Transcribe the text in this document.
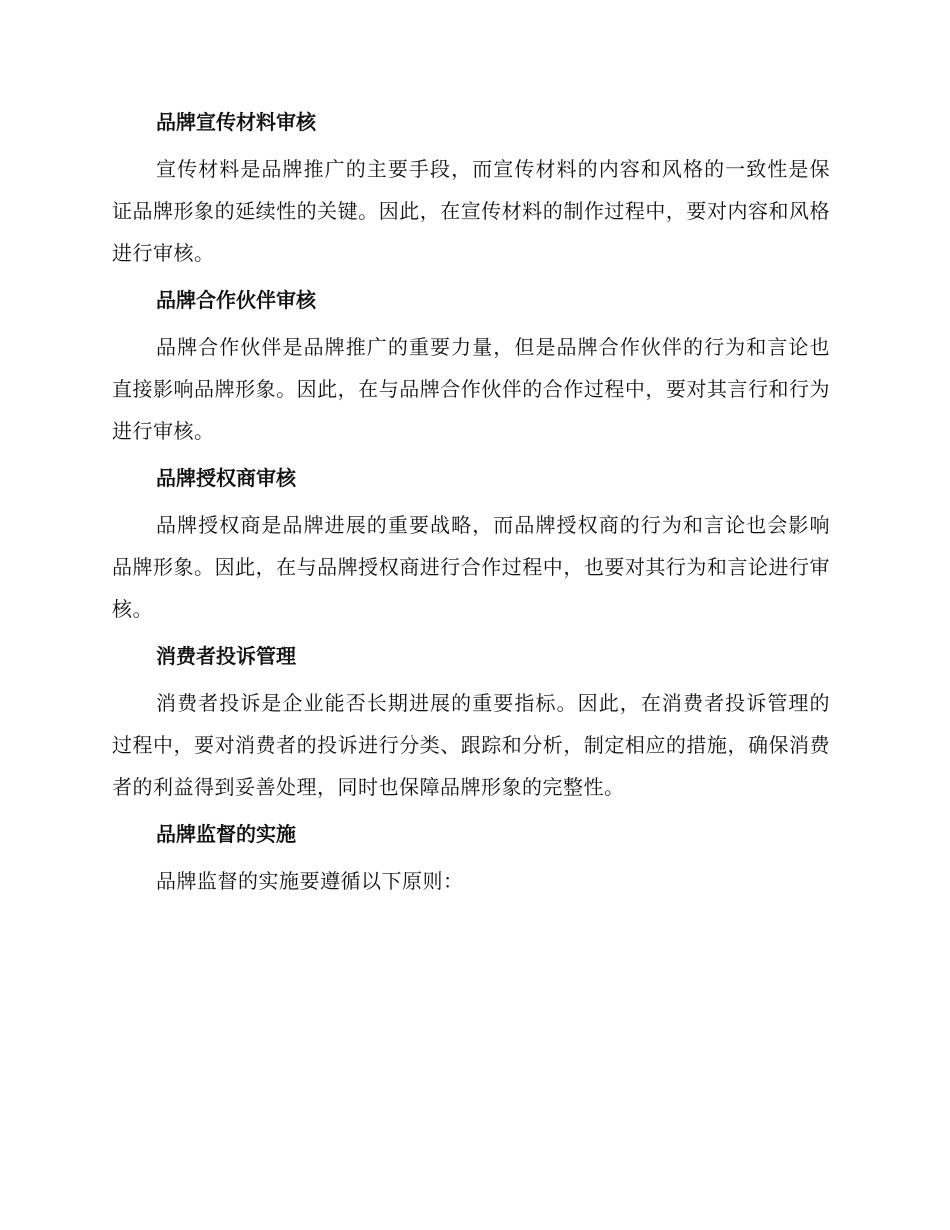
品牌宣传材料审核
宣传材料是品牌推广的主要手段，而宣传材料的内容和风格的一致性是保证品牌形象的延续性的关键。因此，在宣传材料的制作过程中，要对内容和风格进行审核。
品牌合作伙伴审核
品牌合作伙伴是品牌推广的重要力量，但是品牌合作伙伴的行为和言论也直接影响品牌形象。因此，在与品牌合作伙伴的合作过程中，要对其言行和行为进行审核。
品牌授权商审核
品牌授权商是品牌进展的重要战略，而品牌授权商的行为和言论也会影响品牌形象。因此，在与品牌授权商进行合作过程中，也要对其行为和言论进行审核。
消费者投诉管理
消费者投诉是企业能否长期进展的重要指标。因此，在消费者投诉管理的过程中，要对消费者的投诉进行分类、跟踪和分析，制定相应的措施，确保消费者的利益得到妥善处理，同时也保障品牌形象的完整性。
品牌监督的实施
品牌监督的实施要遵循以下原则：
